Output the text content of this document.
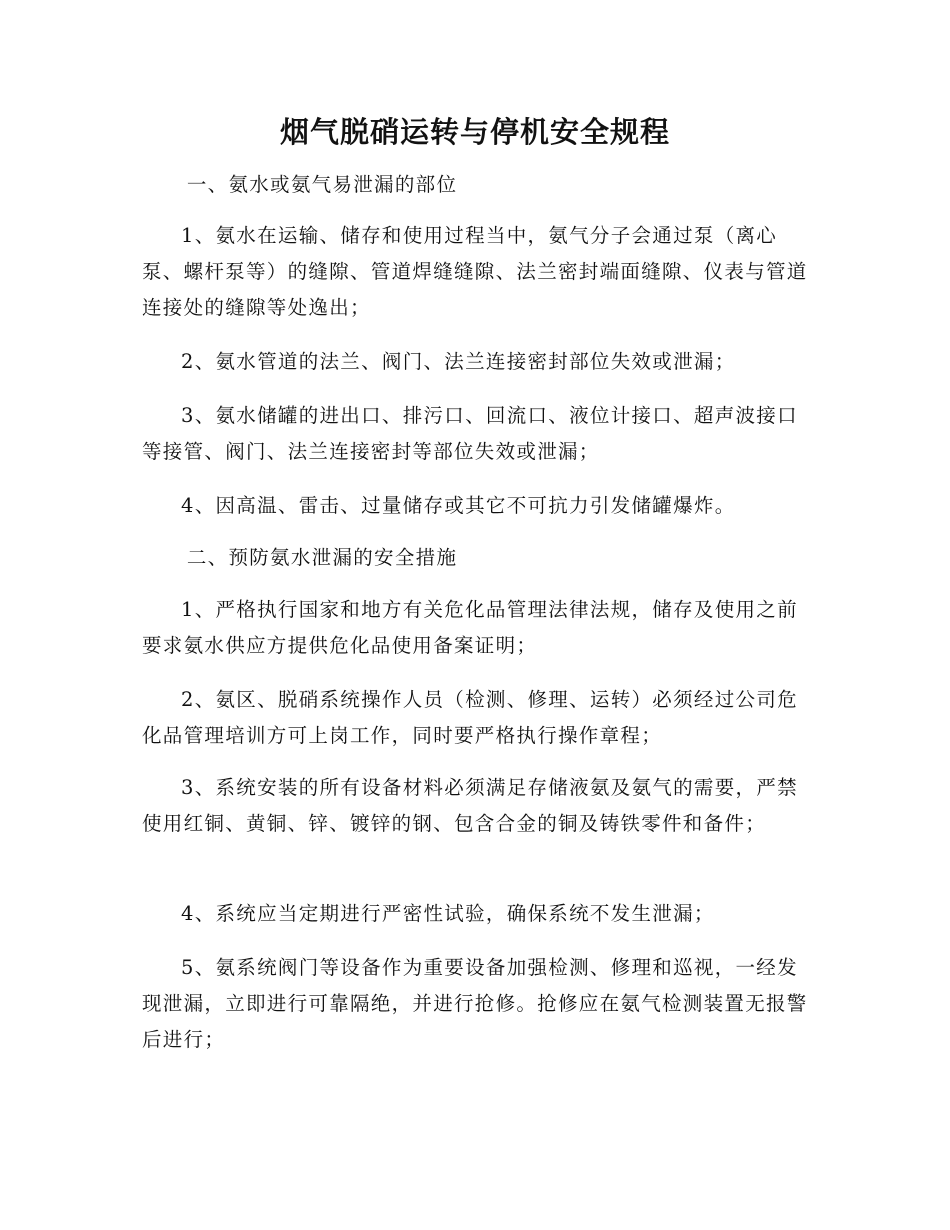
烟气脱硝运转与停机安全规程

一、氨水或氨气易泄漏的部位

1、氨水在运输、储存和使用过程当中，氨气分子会通过泵（离心泵、螺杆泵等）的缝隙、管道焊缝缝隙、法兰密封端面缝隙、仪表与管道连接处的缝隙等处逸出；

2、氨水管道的法兰、阀门、法兰连接密封部位失效或泄漏；

3、氨水储罐的进出口、排污口、回流口、液位计接口、超声波接口等接管、阀门、法兰连接密封等部位失效或泄漏；

4、因高温、雷击、过量储存或其它不可抗力引发储罐爆炸。

二、预防氨水泄漏的安全措施

1、严格执行国家和地方有关危化品管理法律法规，储存及使用之前要求氨水供应方提供危化品使用备案证明；

2、氨区、脱硝系统操作人员（检测、修理、运转）必须经过公司危化品管理培训方可上岗工作，同时要严格执行操作章程；

3、系统安装的所有设备材料必须满足存储液氨及氨气的需要，严禁使用红铜、黄铜、锌、镀锌的钢、包含合金的铜及铸铁零件和备件；

4、系统应当定期进行严密性试验，确保系统不发生泄漏；

5、氨系统阀门等设备作为重要设备加强检测、修理和巡视，一经发现泄漏，立即进行可靠隔绝，并进行抢修。抢修应在氨气检测装置无报警后进行；
